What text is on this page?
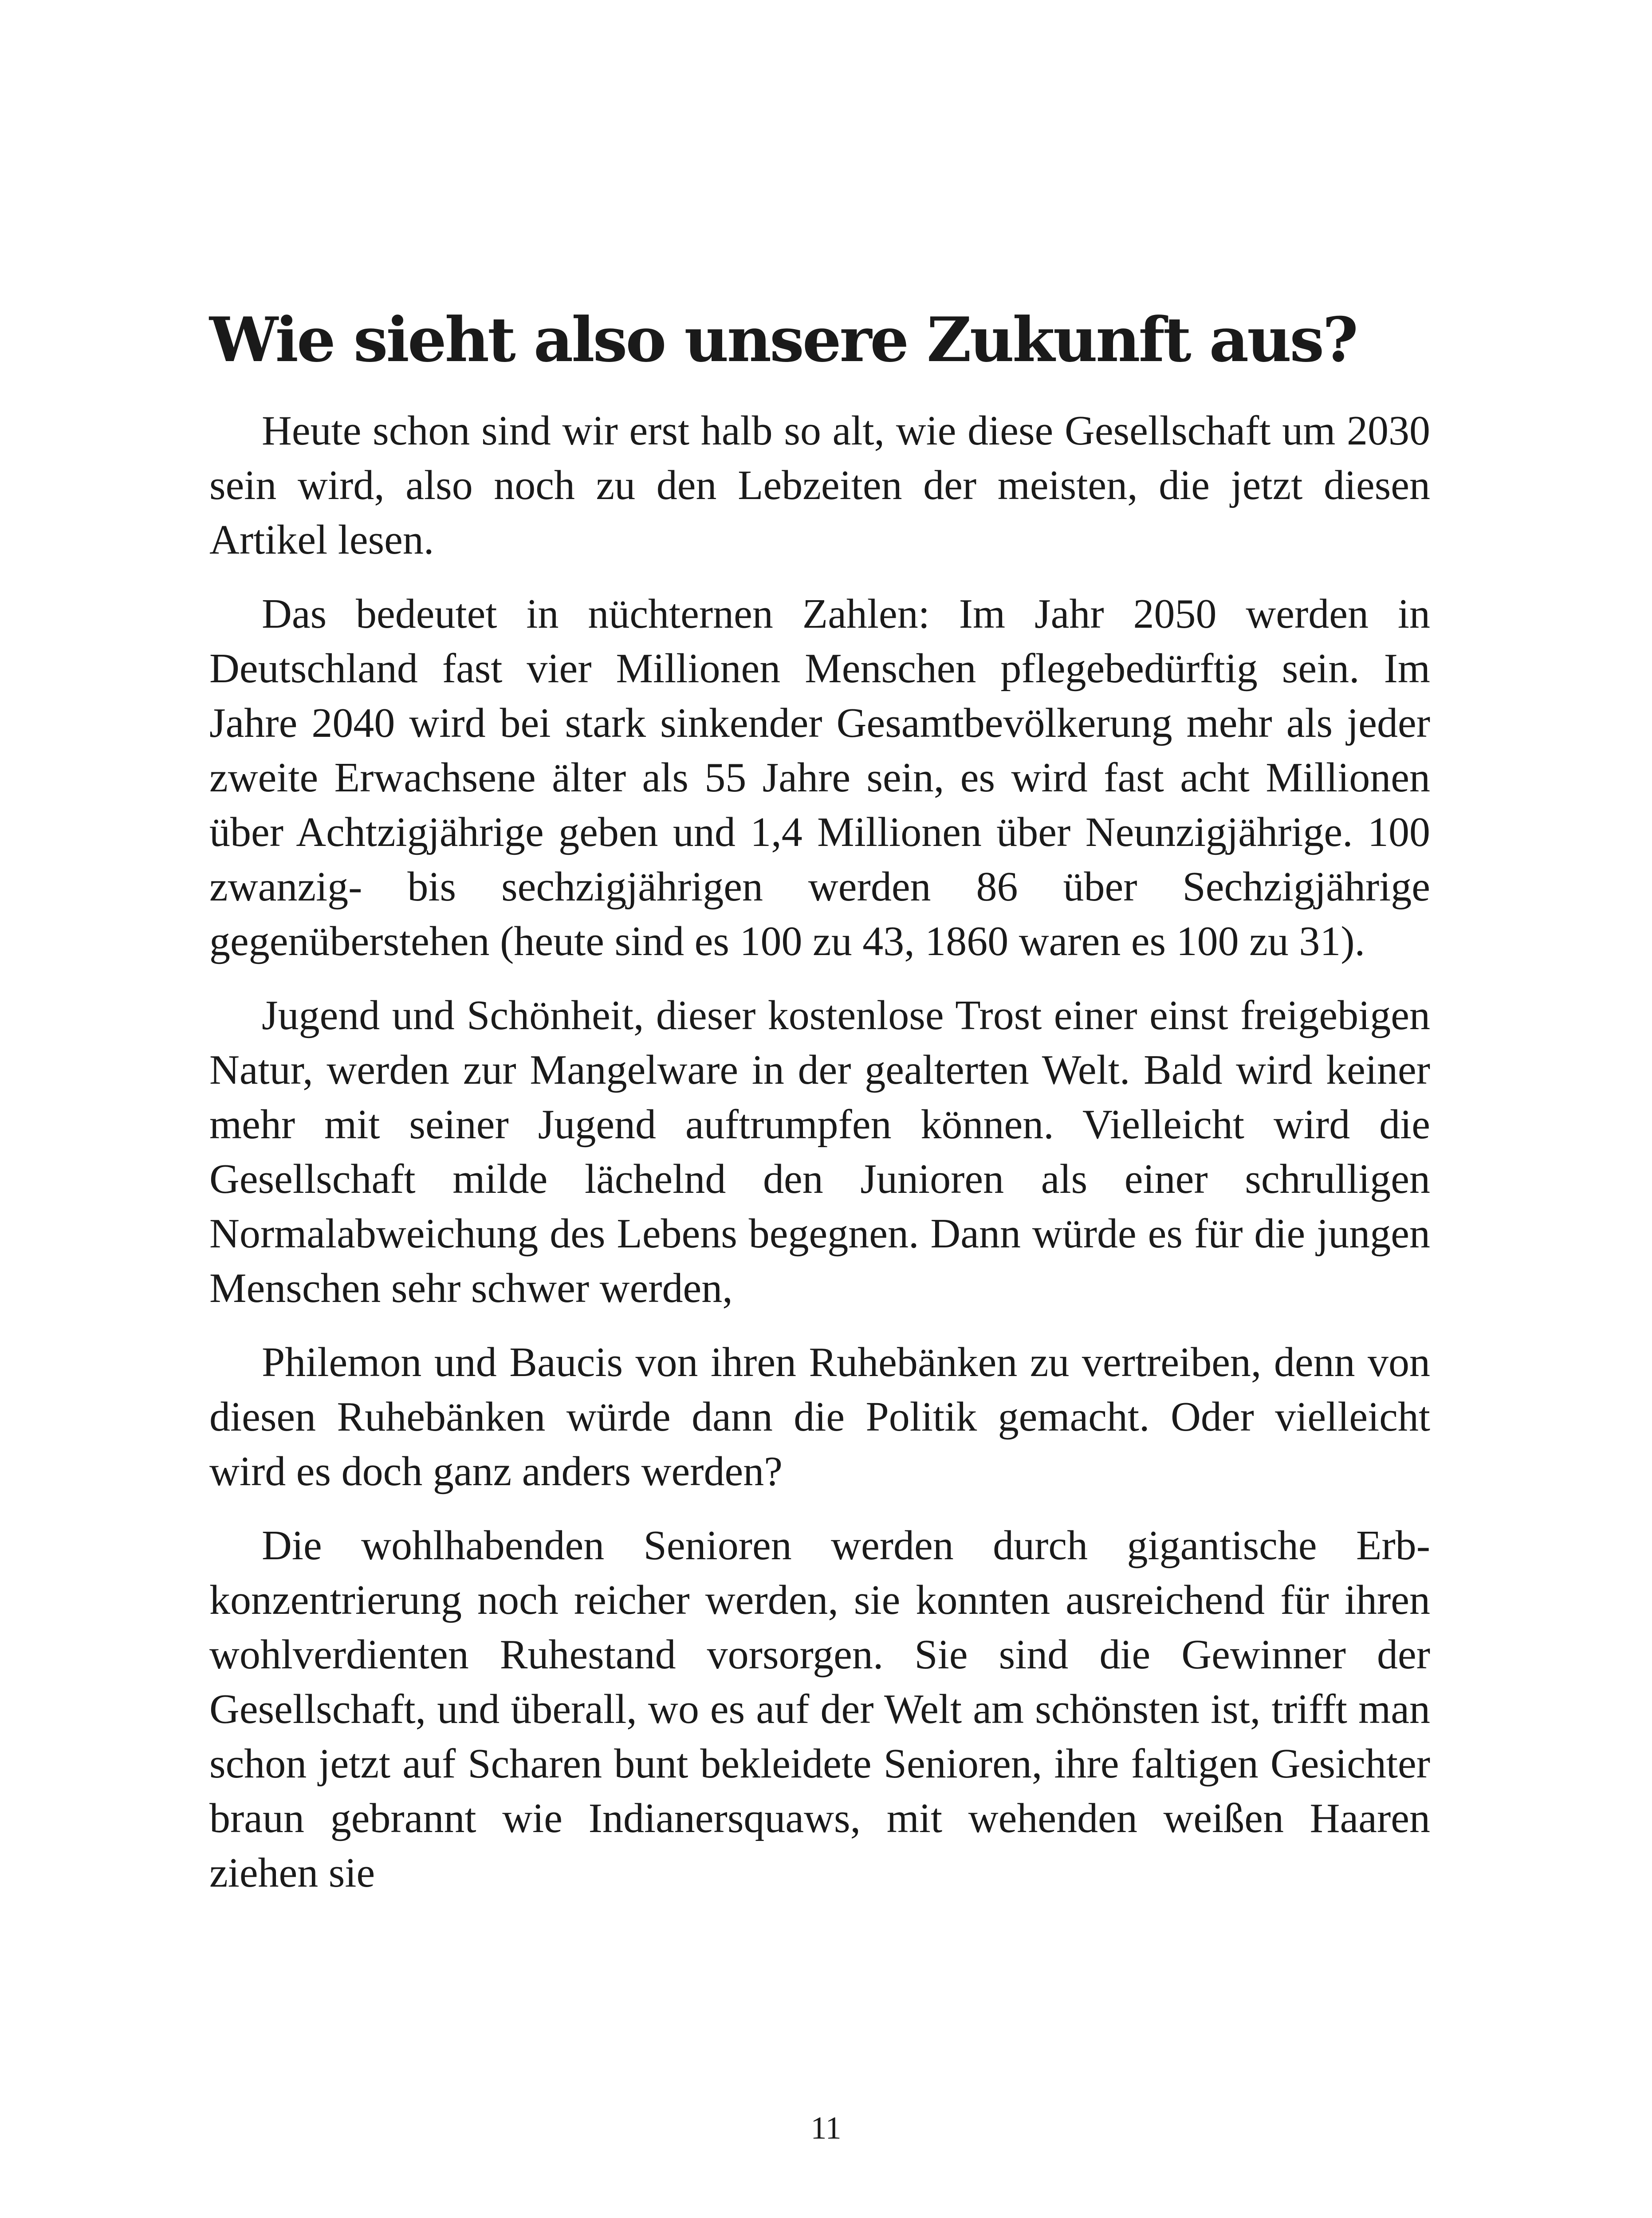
Wie sieht also unsere Zukunft aus?

Heute schon sind wir erst halb so alt, wie diese Gesellschaft um 2030 sein wird, also noch zu den Lebzeiten der meisten, die jetzt diesen Artikel lesen.

Das bedeutet in nüchternen Zahlen: Im Jahr 2050 werden in Deutschland fast vier Millionen Menschen pflegebedürftig sein. Im Jahre 2040 wird bei stark sinkender Gesamtbevölkerung mehr als jeder zweite Erwachsene älter als 55 Jahre sein, es wird fast acht Millionen über Achtzigjährige geben und 1,4 Millionen über Neunzigjährige. 100 zwanzig- bis sechzigjährigen werden 86 über Sechzigjährige gegenüberstehen (heute sind es 100 zu 43, 1860 waren es 100 zu 31).

Jugend und Schönheit, dieser kostenlose Trost einer einst freigebigen Natur, werden zur Mangelware in der gealterten Welt. Bald wird keiner mehr mit seiner Jugend auftrumpfen können. Vielleicht wird die Gesellschaft milde lächelnd den Junioren als einer schrulligen Normalabweichung des Lebens begegnen. Dann würde es für die jungen Menschen sehr schwer werden,

Philemon und Baucis von ihren Ruhebänken zu vertreiben, denn von diesen Ruhebänken würde dann die Politik gemacht. Oder vielleicht wird es doch ganz anders werden?

Die wohlhabenden Senioren werden durch gigantische Erbkonzentrierung noch reicher werden, sie konnten ausreichend für ihren wohlverdienten Ruhestand vorsorgen. Sie sind die Gewinner der Gesellschaft, und überall, wo es auf der Welt am schönsten ist, trifft man schon jetzt auf Scharen bunt bekleidete Senioren, ihre faltigen Gesichter braun gebrannt wie Indianersquaws, mit wehenden weißen Haaren ziehen sie

11
